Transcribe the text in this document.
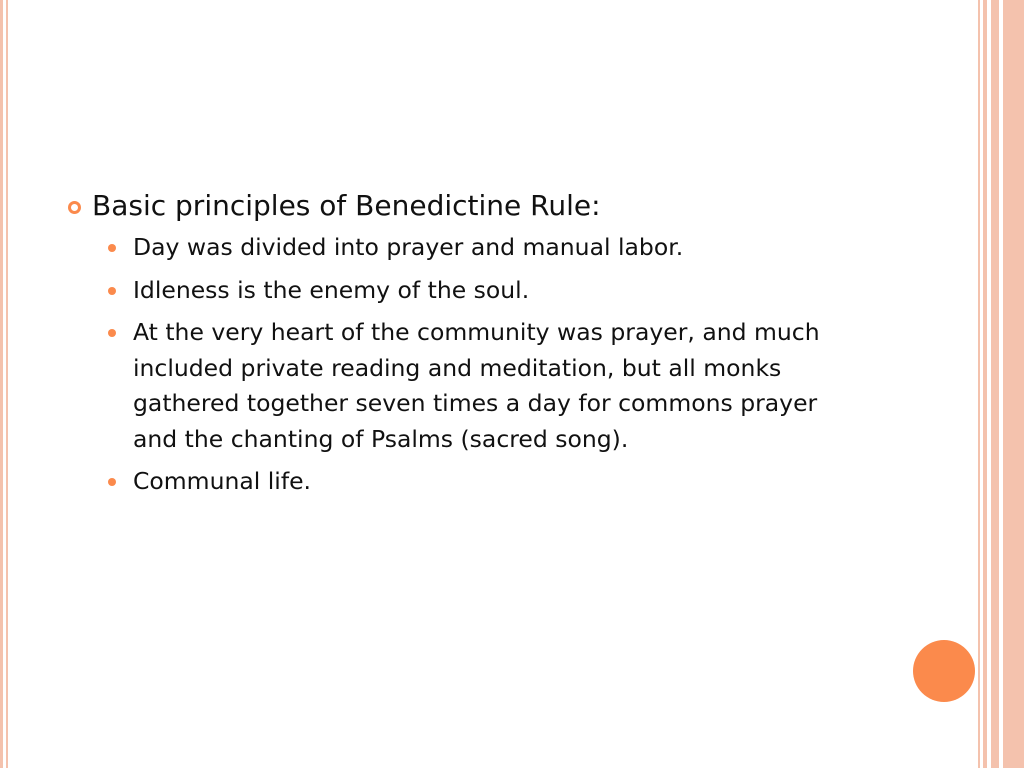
Basic principles of Benedictine Rule:
Day was divided into prayer and manual labor.
Idleness is the enemy of the soul.
At the very heart of the community was prayer, and much included private reading and meditation, but all monks gathered together seven times a day for commons prayer and the chanting of Psalms (sacred song).
Communal life.
